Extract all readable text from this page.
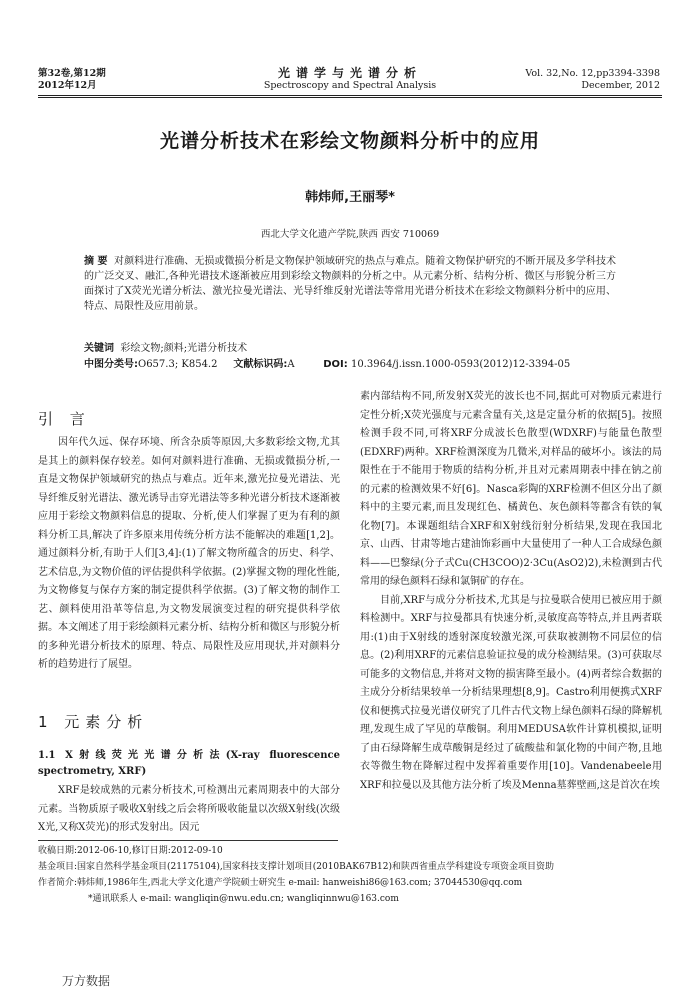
第32卷,第12期
2012年12月
光谱学与光谱分析
Spectroscopy and Spectral Analysis
Vol. 32,No. 12,pp3394-3398
December, 2012
光谱分析技术在彩绘文物颜料分析中的应用
韩炜师,王丽琴*
西北大学文化遗产学院,陕西 西安 710069
摘 要 对颜料进行准确、无损或微损分析是文物保护领域研究的热点与难点。随着文物保护研究的不断开展及多学科技术的广泛交叉、融汇,各种光谱技术逐渐被应用到彩绘文物颜料的分析之中。从元素分析、结构分析、微区与形貌分析三方面探讨了X荧光光谱分析法、激光拉曼光谱法、光导纤维反射光谱法等常用光谱分析技术在彩绘文物颜料分析中的应用、特点、局限性及应用前景。
关键词 彩绘文物;颜料;光谱分析技术
中图分类号:O657.3; K854.2 文献标识码:A	DOI: 10.3964/j.issn.1000-0593(2012)12-3394-05
引 言
1 元素分析

因年代久远、保存环境、所含杂质等原因,大多数彩绘文物,尤其是其上的颜料保存较差。如何对颜料进行准确、无损或微损分析,一直是文物保护领域研究的热点与难点。近年来,激光拉曼光谱法、光导纤维反射光谱法、激光诱导击穿光谱法等多种光谱分析技术逐渐被应用于彩绘文物颜料信息的提取、分析,使人们掌握了更为有利的颜料分析工具,解决了许多原来用传统分析方法不能解决的难题[1,2]。通过颜料分析,有助于人们[3,4]:(1)了解文物所蕴含的历史、科学、艺术信息,为文物价值的评估提供科学依据。(2)掌握文物的理化性能,为文物修复与保存方案的制定提供科学依据。(3)了解文物的制作工艺、颜料使用沿革等信息,为文物发展演变过程的研究提供科学依据。本文阐述了用于彩绘颜料元素分析、结构分析和微区与形貌分析的多种光谱分析技术的原理、特点、局限性及应用现状,并对颜料分析的趋势进行了展望。

1.1 X射线荧光光谱分析法(X-ray fluorescence spectrometry, XRF)

XRF是较成熟的元素分析技术,可检测出元素周期表中的大部分元素。当物质原子吸收X射线之后会将所吸收能量以次级X射线(次级X光,又称X荧光)的形式发射出。因元

素内部结构不同,所发射X荧光的波长也不同,据此可对物质元素进行定性分析;X荧光强度与元素含量有关,这是定量分析的依据[5]。按照检测手段不同,可将XRF分成波长色散型(WDXRF)与能量色散型(EDXRF)两种。XRF检测深度为几微米,对样品的破坏小。该法的局限性在于不能用于物质的结构分析,并且对元素周期表中排在钠之前的元素的检测效果不好[6]。Nasca彩陶的XRF检测不但区分出了颜料中的主要元素,而且发现红色、橘黄色、灰色颜料等都含有铁的氧化物[7]。本课题组结合XRF和X射线衍射分析结果,发现在我国北京、山西、甘肃等地古建油饰彩画中大量使用了一种人工合成绿色颜料——巴黎绿(分子式Cu(CH3COO)2·3Cu(AsO2)2),未检测到古代常用的绿色颜料石绿和氯铜矿的存在。

目前,XRF与成分分析技术,尤其是与拉曼联合使用已被应用于颜料检测中。XRF与拉曼都具有快速分析,灵敏度高等特点,并且两者联用:(1)由于X射线的透射深度较激光深,可获取被测物不同层位的信息。(2)利用XRF的元素信息验证拉曼的成分检测结果。(3)可获取尽可能多的文物信息,并将对文物的损害降至最小。(4)两者综合数据的主成分分析结果较单一分析结果理想[8,9]。Castro利用便携式XRF仪和便携式拉曼光谱仪研究了几件古代文物上绿色颜料石绿的降解机理,发现生成了罕见的草酸铜。利用MEDUSA软件计算机模拟,证明了由石绿降解生成草酸铜是经过了硫酸盐和氯化物的中间产物,且地衣等微生物在降解过程中发挥着重要作用[10]。Vandenabeele用XRF和拉曼以及其他方法分析了埃及Menna墓葬壁画,这是首次在埃

收稿日期:2012-06-10,修订日期:2012-09-10
基金项目:国家自然科学基金项目(21175104),国家科技支撑计划项目(2010BAK67B12)和陕西省重点学科建设专项资金项目资助
作者简介:韩炜师,1986年生,西北大学文化遗产学院硕士研究生 e-mail: hanweishi86@163.com; 37044530@qq.com
*通讯联系人 e-mail: wangliqin@nwu.edu.cn; wangliqinnwu@163.com
万方数据
